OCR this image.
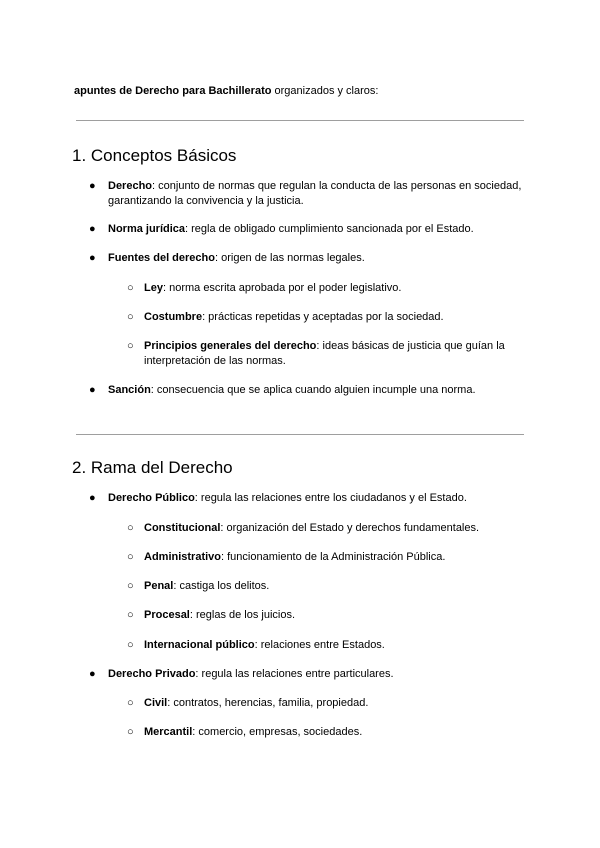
apuntes de Derecho para Bachillerato organizados y claros:
1. Conceptos Básicos
● Derecho: conjunto de normas que regulan la conducta de las personas en sociedad, garantizando la convivencia y la justicia.
● Norma jurídica: regla de obligado cumplimiento sancionada por el Estado.
● Fuentes del derecho: origen de las normas legales.
○ Ley: norma escrita aprobada por el poder legislativo.
○ Costumbre: prácticas repetidas y aceptadas por la sociedad.
○ Principios generales del derecho: ideas básicas de justicia que guían la interpretación de las normas.
● Sanción: consecuencia que se aplica cuando alguien incumple una norma.
2. Rama del Derecho
● Derecho Público: regula las relaciones entre los ciudadanos y el Estado.
○ Constitucional: organización del Estado y derechos fundamentales.
○ Administrativo: funcionamiento de la Administración Pública.
○ Penal: castiga los delitos.
○ Procesal: reglas de los juicios.
○ Internacional público: relaciones entre Estados.
● Derecho Privado: regula las relaciones entre particulares.
○ Civil: contratos, herencias, familia, propiedad.
○ Mercantil: comercio, empresas, sociedades.
